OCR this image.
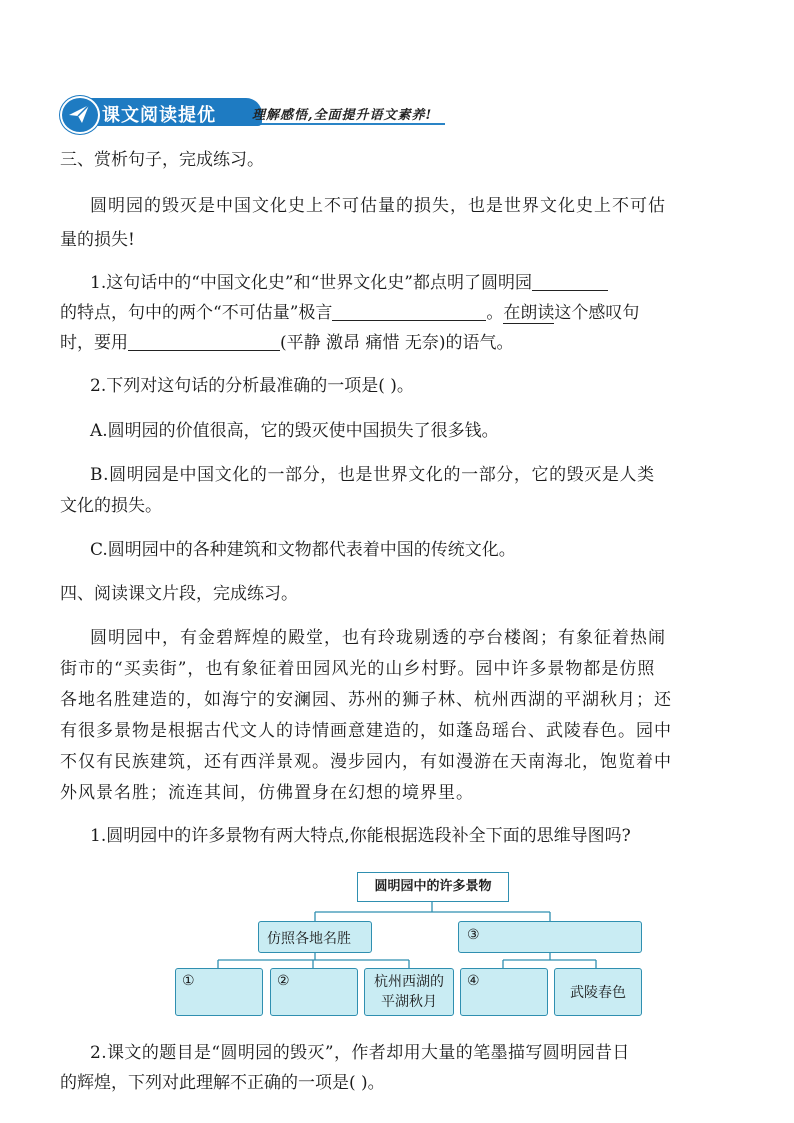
课文阅读提优	理解感悟,全面提升语文素养!
三、赏析句子，完成练习。
圆明园的毁灭是中国文化史上不可估量的损失，也是世界文化史上不可估
量的损失!
1.这句话中的“中国文化史”和“世界文化史”都点明了圆明园
的特点，句中的两个“不可估量”极言	。在朗读这个感叹句
时，要用	(平静 激昂 痛惜 无奈)的语气。
2.下列对这句话的分析最准确的一项是( )。
A.圆明园的价值很高，它的毁灭使中国损失了很多钱。
B.圆明园是中国文化的一部分，也是世界文化的一部分，它的毁灭是人类
文化的损失。
C.圆明园中的各种建筑和文物都代表着中国的传统文化。
四、阅读课文片段，完成练习。
圆明园中，有金碧辉煌的殿堂，也有玲珑剔透的亭台楼阁；有象征着热闹
街市的“买卖街”，也有象征着田园风光的山乡村野。园中许多景物都是仿照
各地名胜建造的，如海宁的安澜园、苏州的狮子林、杭州西湖的平湖秋月；还
有很多景物是根据古代文人的诗情画意建造的，如蓬岛瑶台、武陵春色。园中
不仅有民族建筑，还有西洋景观。漫步园内，有如漫游在天南海北，饱览着中
外风景名胜；流连其间，仿佛置身在幻想的境界里。
1.圆明园中的许多景物有两大特点,你能根据选段补全下面的思维导图吗?
圆明园中的许多景物
仿照各地名胜	③
①	②	杭州西湖的
平湖秋月
④
武陵春色
2.课文的题目是“圆明园的毁灭”，作者却用大量的笔墨描写圆明园昔日
的辉煌，下列对此理解不正确的一项是( )。
